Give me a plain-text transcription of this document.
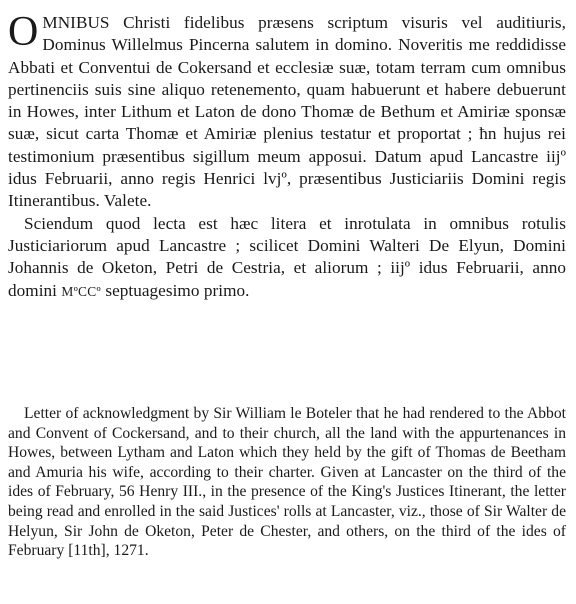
OMNIBUS Christi fidelibus præsens scriptum visuris vel auditiuris, Dominus Willelmus Pincerna salutem in domino. Noveritis me reddidisse Abbati et Conventui de Cokersand et ecclesiæ suæ, totam terram cum omnibus pertinenciis suis sine aliquo retenemento, quam habuerunt et habere debuerunt in Howes, inter Lithum et Laton de dono Thomæ de Bethum et Amiriæ sponsæ suæ, sicut carta Thomæ et Amiriæ plenius testatur et proportat ; ħn hujus rei testimonium præsentibus sigillum meum apposui. Datum apud Lancastre iijº idus Februarii, anno regis Henrici lvjº, præsentibus Justiciariis Domini regis Itinerantibus. Valete.

Sciendum quod lecta est hæc litera et inrotulata in omnibus rotulis Justiciariorum apud Lancastre ; scilicet Domini Walteri De Elyun, Domini Johannis de Oketon, Petri de Cestria, et aliorum ; iijº idus Februarii, anno domini MºCCº septuagesimo primo.

Letter of acknowledgment by Sir William le Boteler that he had rendered to the Abbot and Convent of Cockersand, and to their church, all the land with the appurtenances in Howes, between Lytham and Laton which they held by the gift of Thomas de Beetham and Amuria his wife, according to their charter. Given at Lancaster on the third of the ides of February, 56 Henry III., in the presence of the King's Justices Itinerant, the letter being read and enrolled in the said Justices' rolls at Lancaster, viz., those of Sir Walter de Helyun, Sir John de Oketon, Peter de Chester, and others, on the third of the ides of February [11th], 1271.
